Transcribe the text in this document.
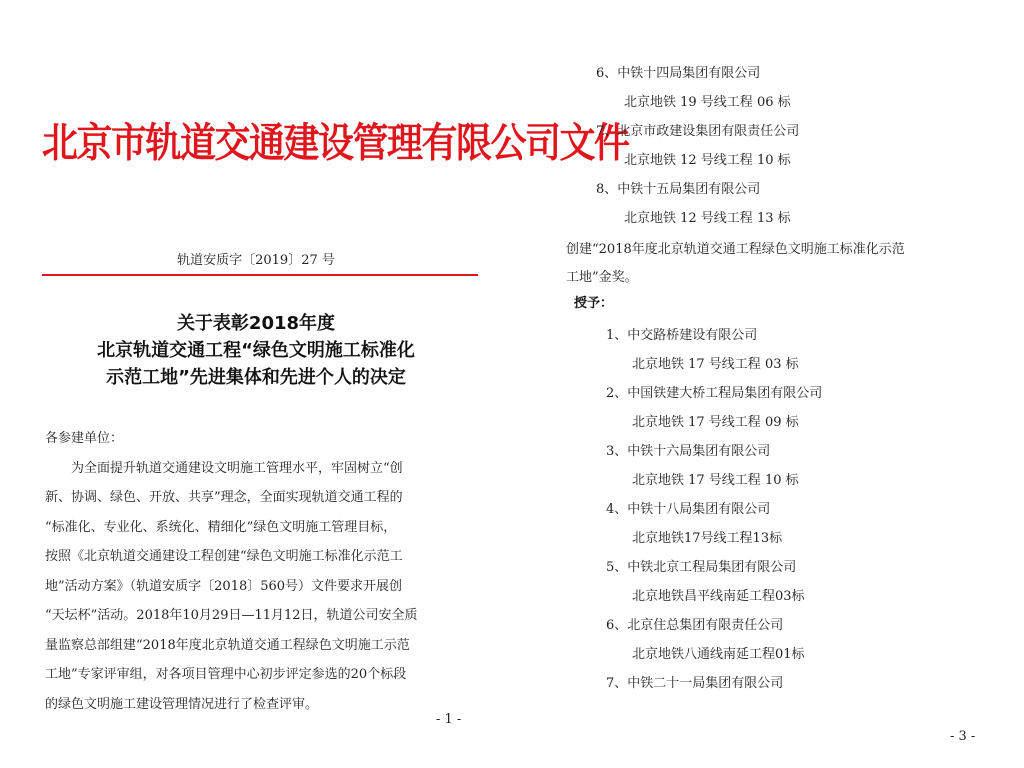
北京市轨道交通建设管理有限公司文件
轨道安质字〔2019〕27 号
关于表彰2018年度
北京轨道交通工程“绿色文明施工标准化
示范工地”先进集体和先进个人的决定
各参建单位：
　　为全面提升轨道交通建设文明施工管理水平，牢固树立“创
新、协调、绿色、开放、共享”理念，全面实现轨道交通工程的
“标准化、专业化、系统化、精细化”绿色文明施工管理目标，
按照《北京轨道交通建设工程创建“绿色文明施工标准化示范工
地”活动方案》（轨道安质字〔2018〕560号）文件要求开展创
“天坛杯”活动。2018年10月29日—11月12日，轨道公司安全质
量监察总部组建“2018年度北京轨道交通工程绿色文明施工示范
工地”专家评审组，对各项目管理中心初步评定参选的20个标段
的绿色文明施工建设管理情况进行了检查评审。
- 1 -
6、中铁十四局集团有限公司
北京地铁 19 号线工程 06 标
7、北京市政建设集团有限责任公司
北京地铁 12 号线工程 10 标
8、中铁十五局集团有限公司
北京地铁 12 号线工程 13 标
创建“2018年度北京轨道交通工程绿色文明施工标准化示范
工地”金奖。
授予：
1、中交路桥建设有限公司
北京地铁 17 号线工程 03 标
2、中国铁建大桥工程局集团有限公司
北京地铁 17 号线工程 09 标
3、中铁十六局集团有限公司
北京地铁 17 号线工程 10 标
4、中铁十八局集团有限公司
北京地铁17号线工程13标
5、中铁北京工程局集团有限公司
北京地铁昌平线南延工程03标
6、北京住总集团有限责任公司
北京地铁八通线南延工程01标
7、中铁二十一局集团有限公司
- 3 -
